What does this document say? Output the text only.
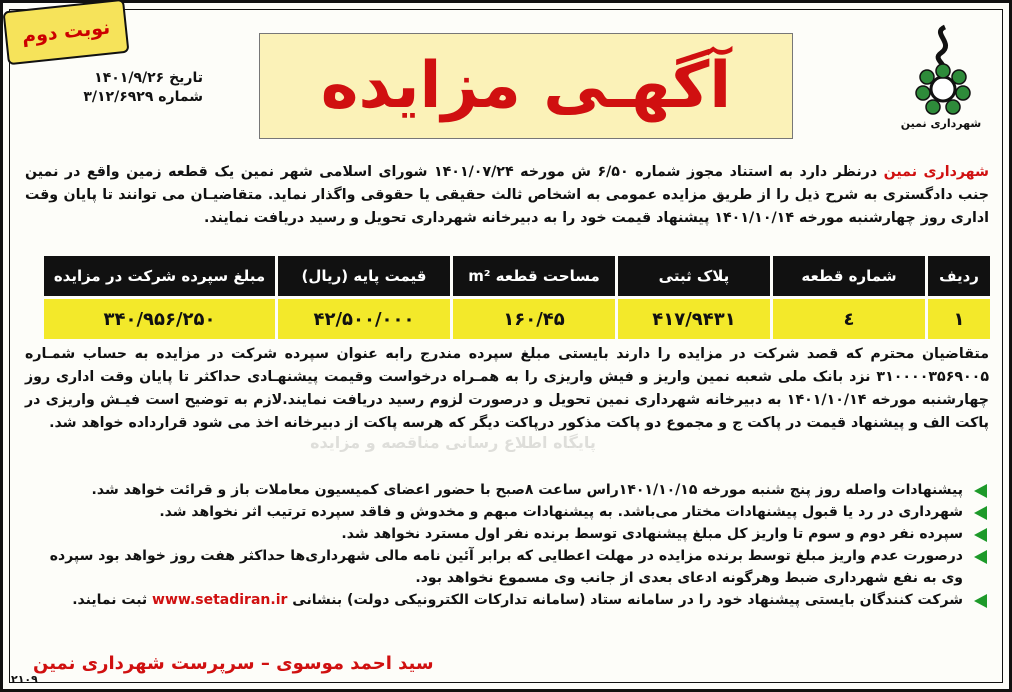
نوبت دوم
تاریخ ۱۴۰۱/۹/۲۶
شماره ۳/۱۲/۶۹۲۹ آگهـی مزایده
شهرداری نمین
شهرداری نمین درنظر دارد به استناد مجوز شماره ۶/۵۰ ش مورخه ۱۴۰۱/۰۷/۲۴ شورای اسلامی شهر نمین یک قطعه زمین واقع در نمین جنب دادگستری به شرح ذیل را از طریق مزایده عمومی به اشخاص ثالث حقیقی یا حقوقی واگذار نماید. متقاضیـان می توانند تا پایان وقت اداری روز چهارشنبه مورخه ۱۴۰۱/۱۰/۱۴ پیشنهاد قیمت خود را به دبیرخانه شهرداری تحویل و رسید دریافت نمایند.
ردیف	شماره قطعه	پلاک ثبتی	مساحت قطعه m²	قیمت پایه (ریال)	مبلغ سپرده شرکت در مزایده
۱	٤	۴۱۷/۹۴۳۱	۱۶۰/۴۵	۴۲/۵۰۰/۰۰۰	۳۴۰/۹۵۶/۲۵۰
متقاضیان محترم که قصد شرکت در مزایده را دارند بایستی مبلغ سپرده مندرج رابه عنوان سپرده شرکت در مزایده به حساب شمـاره ۳۱۰۰۰۰۳۵۶۹۰۰۵ نزد بانک ملی شعبه نمین واریز و فیش واریزی را به همـراه درخواست وقیمت پیشنهـادی حداکثر تا پایان وقت اداری روز چهارشنبه مورخه ۱۴۰۱/۱۰/۱۴ به دبیرخانه شهرداری نمین تحویل و درصورت لزوم رسید دریافت نمایند.لازم به توضیح است فیـش واریزی در پاکت الف و پیشنهاد قیمت در پاکت ج و مجموع دو پاکت مذکور درپاکت دیگر که هرسه پاکت از دبیرخانه اخذ می شود قرارداده خواهد شد.
پایگاه اطلاع رسانی مناقصه و مزایده
پیشنهادات واصله روز پنج شنبه مورخه ۱۴۰۱/۱۰/۱۵راس ساعت ۸صبح با حضور اعضای کمیسیون معاملات باز و قرائت خواهد شد.
شهرداری در رد یا قبول پیشنهادات مختار می‌باشد. به پیشنهادات مبهم و مخدوش و فاقد سپرده ترتیب اثر نخواهد شد.
سپرده نفر دوم و سوم تا واریز کل مبلغ پیشنهادی توسط برنده نفر اول مسترد نخواهد شد.
درصورت عدم واریز مبلغ توسط برنده مزایده در مهلت اعطایی که برابر آئین نامه مالی شهرداری‌ها حداکثر هفت روز خواهد بود سپرده وی به نفع شهرداری ضبط وهرگونه ادعای بعدی از جانب وی مسموع نخواهد بود.
شرکت کنندگان بایستی پیشنهاد خود را در سامانه ستاد (سامانه تدارکات الکترونیکی دولت) بنشانی www.setadiran.ir ثبت نمایند.
سید احمد موسوی – سرپرست شهرداری نمین
۲۱۰۹
